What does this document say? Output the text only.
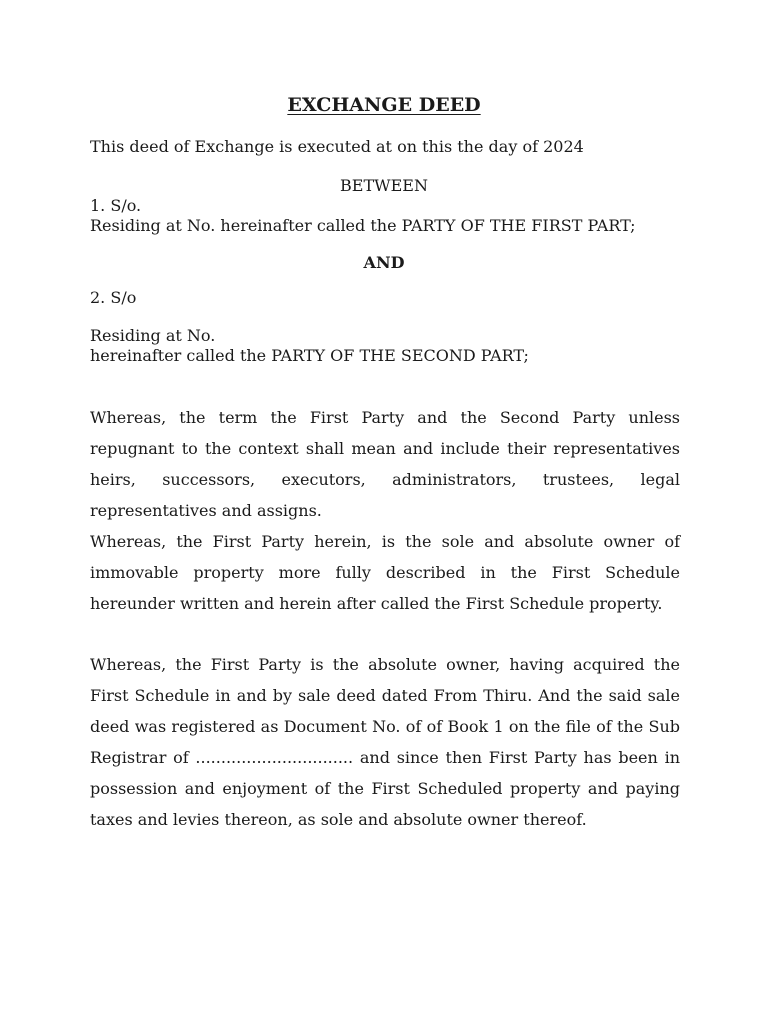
EXCHANGE DEED
This deed of Exchange is executed at on this the day of 2024
BETWEEN
1. S/o.
Residing at No. hereinafter called the PARTY OF THE FIRST PART;
AND
2. S/o
Residing at No.
hereinafter called the PARTY OF THE SECOND PART;
Whereas, the term the First Party and the Second Party unless repugnant to the context shall mean and include their representatives heirs, successors, executors, administrators, trustees, legal representatives and assigns.
Whereas, the First Party herein, is the sole and absolute owner of immovable property more fully described in the First Schedule hereunder written and herein after called the First Schedule property.
Whereas, the First Party is the absolute owner, having acquired the First Schedule in and by sale deed dated From Thiru. And the said sale deed was registered as Document No. of of Book 1 on the file of the Sub Registrar of ............................... and since then First Party has been in possession and enjoyment of the First Scheduled property and paying taxes and levies thereon, as sole and absolute owner thereof.
